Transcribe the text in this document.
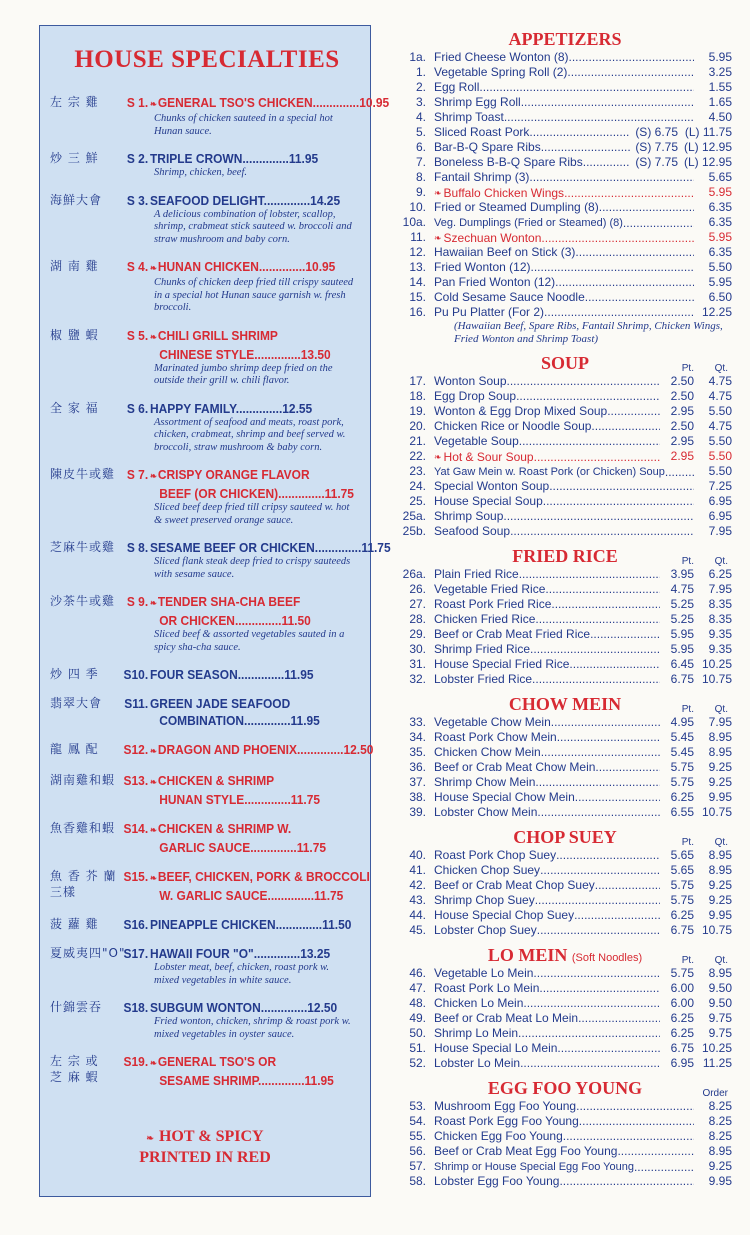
HOUSE SPECIALTIES
左 宗 雞	S 1. ❧GENERAL TSO'S CHICKEN..............10.95
Chunks of chicken sauteed in a special hot Hunan sauce.
炒 三 鮮	S 2. TRIPLE CROWN..............11.95
Shrimp, chicken, beef.
海鮮大會	S 3. SEAFOOD DELIGHT..............14.25
A delicious combination of lobster, scallop, shrimp, crabmeat stick sauteed w. broccoli and straw mushroom and baby corn.
湖 南 雞	S 4. ❧HUNAN CHICKEN..............10.95
Chunks of chicken deep fried till crispy sauteed in a special hot Hunan sauce garnish w. fresh broccoli.
椒 鹽 蝦	S 5. ❧CHILI GRILL SHRIMP
CHINESE STYLE..............13.50
Marinated jumbo shrimp deep fried on the outside their grill w. chili flavor.
全 家 福	S 6. HAPPY FAMILY..............12.55
Assortment of seafood and meats, roast pork, chicken, crabmeat, shrimp and beef served w. broccoli, straw mushroom & baby corn.
陳皮牛或雞 S 7. ❧CRISPY ORANGE FLAVOR
BEEF (OR CHICKEN)..............11.75
Sliced beef deep fried till cripsy sauteed w. hot & sweet preserved orange sauce.
芝麻牛或雞 S 8. SESAME BEEF OR CHICKEN..............11.75
Sliced flank steak deep fried to crispy sauteeds with sesame sauce.
沙茶牛或雞 S 9. ❧TENDER SHA-CHA BEEF
OR CHICKEN..............11.50
Sliced beef & assorted vegetables sauted in a spicy sha-cha sauce.
炒 四 季	S10. FOUR SEASON..............11.95
翡翠大會	S11. GREEN JADE SEAFOOD
COMBINATION..............11.95
龍 鳳 配	S12. ❧DRAGON AND PHOENIX..............12.50
湖南雞和蝦 S13. ❧CHICKEN & SHRIMP
HUNAN STYLE..............11.75
魚香雞和蝦 S14. ❧CHICKEN & SHRIMP W.
GARLIC SAUCE..............11.75
魚 香 芥 蘭
三樣
S15. ❧BEEF, CHICKEN, PORK & BROCCOLI
W. GARLIC SAUCE..............11.75
菠 蘿 雞	S16. PINEAPPLE CHICKEN..............11.50
夏威夷四"O"
S17. HAWAII FOUR "O"..............13.25
Lobster meat, beef, chicken, roast pork w. mixed vegetables in white sauce.
什錦雲吞	S18. SUBGUM WONTON..............12.50
Fried wonton, chicken, shrimp & roast pork w. mixed vegetables in oyster sauce.
左 宗 或
芝 麻 蝦
S19. ❧GENERAL TSO'S OR
SESAME SHRIMP..............11.95
❧ HOT & SPICY
PRINTED IN RED
APPETIZERS
1a. Fried Cheese Wonton (8) .....	5.95
1. Vegetable Spring Roll (2) .....	3.25
2. Egg Roll .....	1.55
3. Shrimp Egg Roll .....	1.65
4. Shrimp Toast .....	4.50
5. Sliced Roast Pork .....	(S) 6.75 (L) 11.75
6. Bar-B-Q Spare Ribs .....	(S) 7.75 (L) 12.95
7. Boneless B-B-Q Spare Ribs .....	(S) 7.75 (L) 12.95
8. Fantail Shrimp (3) .....	5.65
9. ❧ Buffalo Chicken Wings .....	5.95
10. Fried or Steamed Dumpling (8) .....	6.35
10a. Veg. Dumplings (Fried or Steamed) (8) .....	6.35
11. ❧ Szechuan Wonton .....	5.95
12. Hawaiian Beef on Stick (3) .....	6.35
13. Fried Wonton (12) .....	5.50
14. Pan Fried Wonton (12) .....	5.95
15. Cold Sesame Sauce Noodle .....	6.50
16. Pu Pu Platter (For 2) .....	12.25
(Hawaiian Beef, Spare Ribs, Fantail Shrimp, Chicken Wings, Fried Wonton and Shrimp Toast)
SOUP	Pt. Qt.
17. Wonton Soup .....	2.50	4.75
18. Egg Drop Soup .....	2.50	4.75
19. Wonton & Egg Drop Mixed Soup .....	2.95	5.50
20. Chicken Rice or Noodle Soup .....	2.50	4.75
21. Vegetable Soup .....	2.95	5.50
22. ❧ Hot & Sour Soup .....	2.95	5.50
23. Yat Gaw Mein w. Roast Pork (or Chicken) Soup .....	5.50
24. Special Wonton Soup .....	7.25
25. House Special Soup .....	6.95
25a. Shrimp Soup .....	6.95
25b. Seafood Soup .....	7.95
FRIED RICE	Pt. Qt.
26a. Plain Fried Rice .....	3.95	6.25
26. Vegetable Fried Rice .....	4.75	7.95
27. Roast Pork Fried Rice .....	5.25	8.35
28. Chicken Fried Rice .....	5.25	8.35
29. Beef or Crab Meat Fried Rice .....	5.95	9.35
30. Shrimp Fried Rice .....	5.95	9.35
31. House Special Fried Rice .....	6.45 10.25
32. Lobster Fried Rice .....	6.75 10.75
CHOW MEIN	Pt. Qt.
33. Vegetable Chow Mein .....	4.95	7.95
34. Roast Pork Chow Mein .....	5.45	8.95
35. Chicken Chow Mein .....	5.45	8.95
36. Beef or Crab Meat Chow Mein .....	5.75	9.25
37. Shrimp Chow Mein .....	5.75	9.25
38. House Special Chow Mein .....	6.25	9.95
39. Lobster Chow Mein .....	6.55 10.75
CHOP SUEY	Pt. Qt.
40. Roast Pork Chop Suey .....	5.65	8.95
41. Chicken Chop Suey .....	5.65	8.95
42. Beef or Crab Meat Chop Suey .....	5.75	9.25
43. Shrimp Chop Suey .....	5.75	9.25
44. House Special Chop Suey .....	6.25	9.95
45. Lobster Chop Suey .....	6.75 10.75
LO MEIN (Soft Noodles)	Pt. Qt.
46. Vegetable Lo Mein .....	5.75	8.95
47. Roast Pork Lo Mein .....	6.00	9.50
48. Chicken Lo Mein .....	6.00	9.50
49. Beef or Crab Meat Lo Mein .....	6.25	9.75
50. Shrimp Lo Mein .....	6.25	9.75
51. House Special Lo Mein .....	6.75 10.25
52. Lobster Lo Mein .....	6.95 11.25
EGG FOO YOUNG	Order
53. Mushroom Egg Foo Young .....	8.25
54. Roast Pork Egg Foo Young .....	8.25
55. Chicken Egg Foo Young .....	8.25
56. Beef or Crab Meat Egg Foo Young .....	8.95
57. Shrimp or House Special Egg Foo Young .....	9.25
58. Lobster Egg Foo Young .....	9.95
